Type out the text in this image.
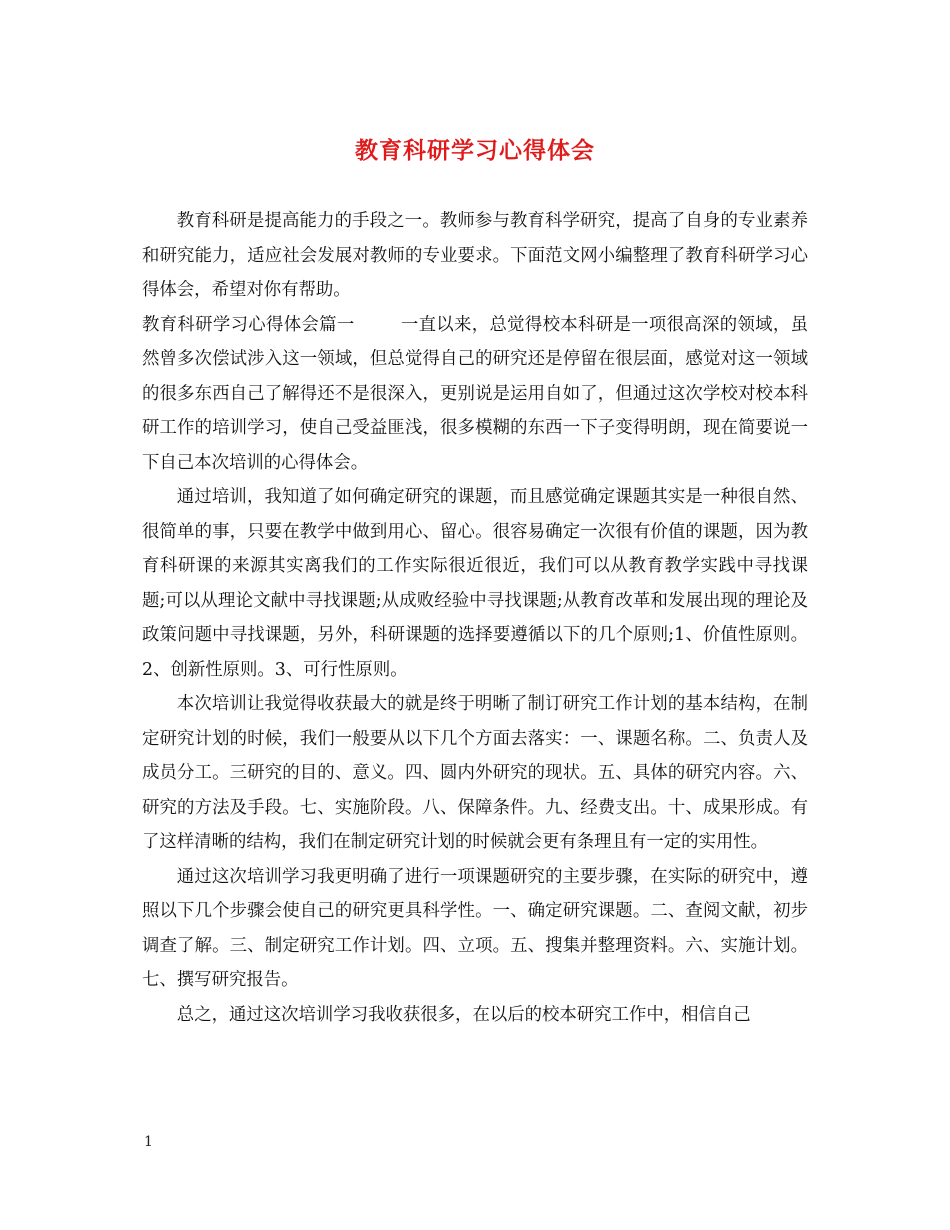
教育科研学习心得体会

教育科研是提高能力的手段之一。教师参与教育科学研究，提高了自身的专业素养和研究能力，适应社会发展对教师的专业要求。下面范文网小编整理了教育科研学习心得体会，希望对你有帮助。

教育科研学习心得体会篇一	一直以来，总觉得校本科研是一项很高深的领域，虽然曾多次偿试涉入这一领域，但总觉得自己的研究还是停留在很层面，感觉对这一领域的很多东西自己了解得还不是很深入，更别说是运用自如了，但通过这次学校对校本科研工作的培训学习，使自己受益匪浅，很多模糊的东西一下子变得明朗，现在简要说一下自己本次培训的心得体会。

通过培训，我知道了如何确定研究的课题，而且感觉确定课题其实是一种很自然、很简单的事，只要在教学中做到用心、留心。很容易确定一次很有价值的课题，因为教育科研课的来源其实离我们的工作实际很近很近，我们可以从教育教学实践中寻找课题;可以从理论文献中寻找课题;从成败经验中寻找课题;从教育改革和发展出现的理论及政策问题中寻找课题，另外，科研课题的选择要遵循以下的几个原则;1、价值性原则。2、创新性原则。3、可行性原则。

本次培训让我觉得收获最大的就是终于明晰了制订研究工作计划的基本结构，在制定研究计划的时候，我们一般要从以下几个方面去落实：一、课题名称。二、负责人及成员分工。三研究的目的、意义。四、圆内外研究的现状。五、具体的研究内容。六、研究的方法及手段。七、实施阶段。八、保障条件。九、经费支出。十、成果形成。有了这样清晰的结构，我们在制定研究计划的时候就会更有条理且有一定的实用性。

通过这次培训学习我更明确了进行一项课题研究的主要步骤，在实际的研究中，遵照以下几个步骤会使自己的研究更具科学性。一、确定研究课题。二、查阅文献，初步调查了解。三、制定研究工作计划。四、立项。五、搜集并整理资料。六、实施计划。七、撰写研究报告。

总之，通过这次培训学习我收获很多，在以后的校本研究工作中，相信自己

1
